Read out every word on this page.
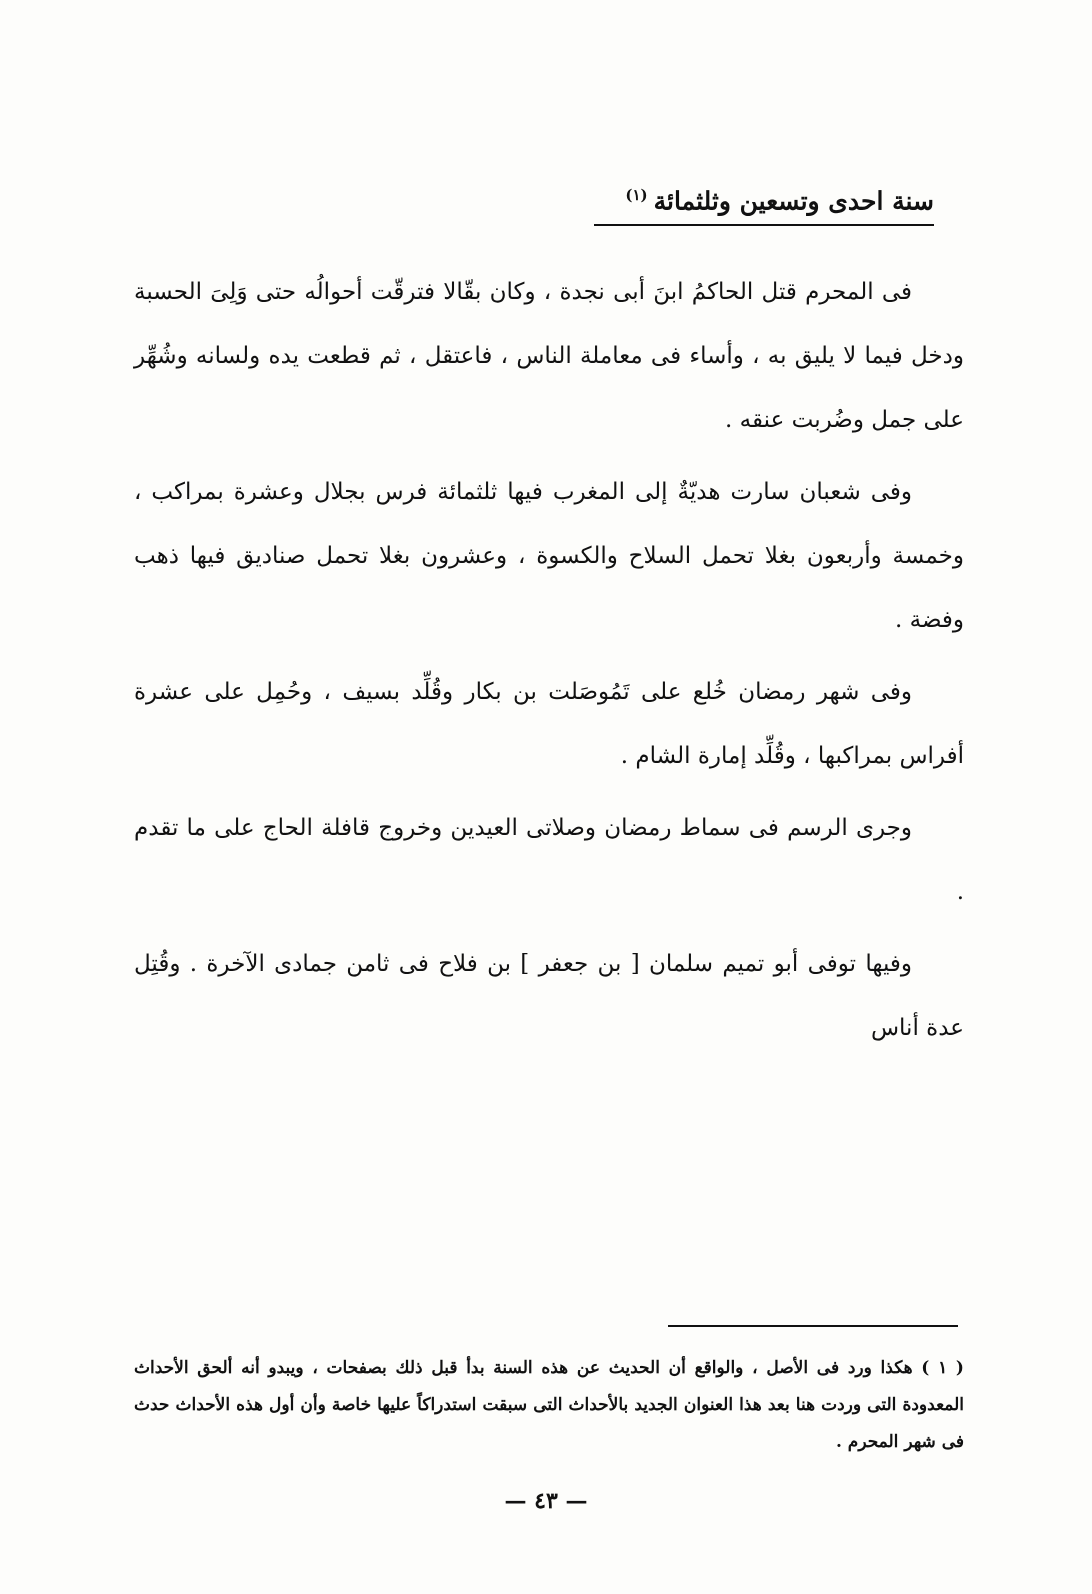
سنة احدى وتسعين وثلثمائة$^{(١)}$

فى المحرم قتل الحاكمُ ابنَ أبى نجدة ، وكان بقّالا فترقّت أحوالُه حتى وَلِىَ الحسبة ودخل فيما لا يليق به ، وأساء فى معاملة الناس ، فاعتقل ، ثم قطعت يده ولسانه وشُهِّر على جمل وضُربت عنقه .

وفى شعبان سارت هديّةٌ إلى المغرب فيها ثلثمائة فرس بجلال وعشرة بمراكب ، وخمسة وأربعون بغلا تحمل السلاح والكسوة ، وعشرون بغلا تحمل صناديق فيها ذهب وفضة .

وفى شهر رمضان خُلع على تَمُوصَلت بن بكار وقُلِّد بسيف ، وحُمِل على عشرة أفراس بمراكبها ، وقُلِّد إمارة الشام .

وجرى الرسم فى سماط رمضان وصلاتى العيدين وخروج قافلة الحاج على ما تقدم .

وفيها توفى أبو تميم سلمان [ بن جعفر ] بن فلاح فى ثامن جمادى الآخرة . وقُتِل عدة أناس

( ١ ) هكذا ورد فى الأصل ، والواقع أن الحديث عن هذه السنة بدأ قبل ذلك بصفحات ، ويبدو أنه ألحق الأحداث المعدودة التى وردت هنا بعد هذا العنوان الجديد بالأحداث التى سبقت استدراكاً عليها خاصة وأن أول هذه الأحداث حدث فى شهر المحرم .
— ٤٣ —
